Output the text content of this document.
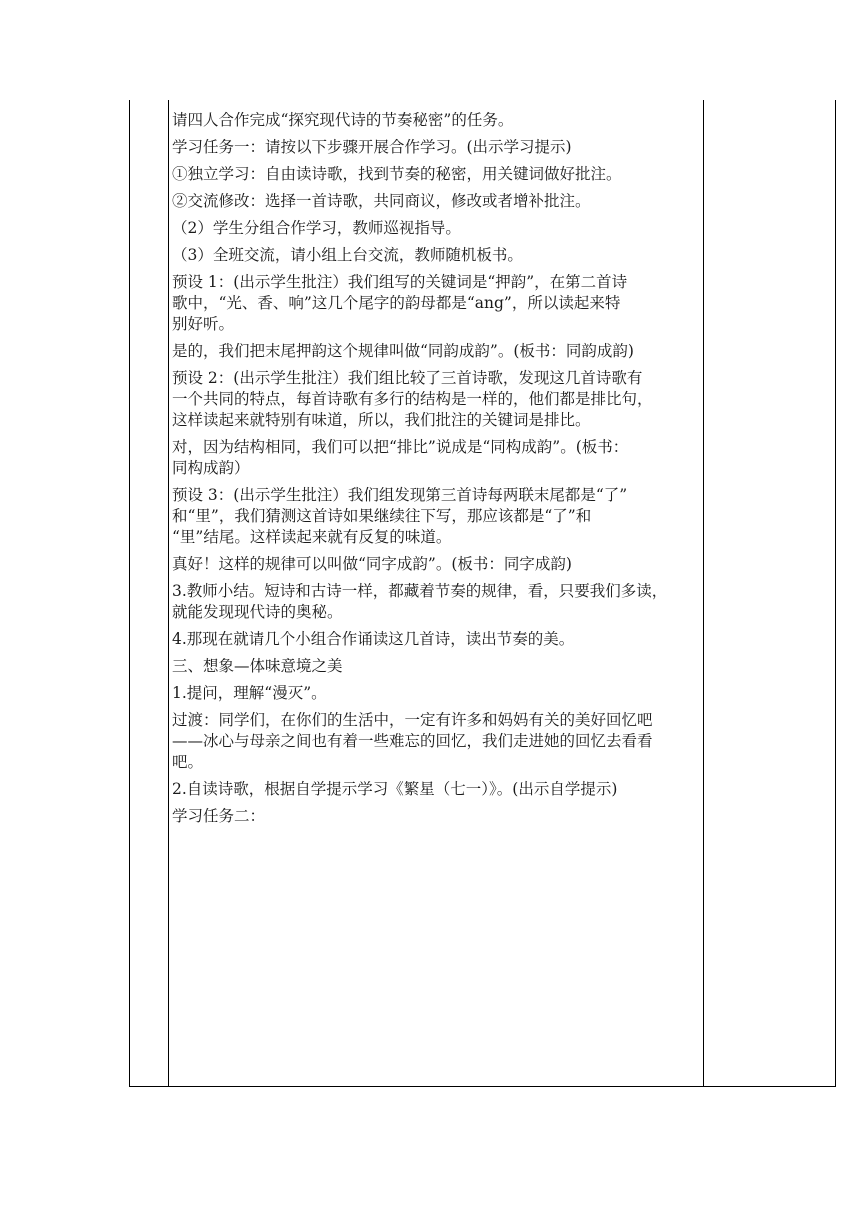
请四人合作完成“探究现代诗的节奏秘密”的任务。
学习任务一：请按以下步骤开展合作学习。(出示学习提示)
①独立学习：自由读诗歌，找到节奏的秘密，用关键词做好批注。
②交流修改：选择一首诗歌，共同商议，修改或者增补批注。
（2）学生分组合作学习，教师巡视指导。
（3）全班交流，请小组上台交流，教师随机板书。
预设 1：(出示学生批注）我们组写的关键词是“押韵”，在第二首诗
歌中，“光、香、响”这几个尾字的韵母都是“ang”，所以读起来特
别好听。
是的，我们把末尾押韵这个规律叫做“同韵成韵”。(板书：同韵成韵)
预设 2：(出示学生批注）我们组比较了三首诗歌，发现这几首诗歌有
一个共同的特点，每首诗歌有多行的结构是一样的，他们都是排比句，
这样读起来就特别有味道，所以，我们批注的关键词是排比。
对，因为结构相同，我们可以把“排比”说成是“同构成韵”。(板书：
同构成韵）
预设 3：(出示学生批注）我们组发现第三首诗每两联末尾都是“了”
和“里”，我们猜测这首诗如果继续往下写，那应该都是“了”和
“里”结尾。这样读起来就有反复的味道。
真好！这样的规律可以叫做“同字成韵”。(板书：同字成韵)
3.教师小结。短诗和古诗一样，都藏着节奏的规律，看，只要我们多读，
就能发现现代诗的奥秘。
4.那现在就请几个小组合作诵读这几首诗，读出节奏的美。
三、想象—体味意境之美
1.提问，理解“漫灭”。
过渡：同学们，在你们的生活中，一定有许多和妈妈有关的美好回忆吧
——冰心与母亲之间也有着一些难忘的回忆，我们走进她的回忆去看看
吧。
2.自读诗歌，根据自学提示学习《繁星（七一）》。(出示自学提示)
学习任务二：
